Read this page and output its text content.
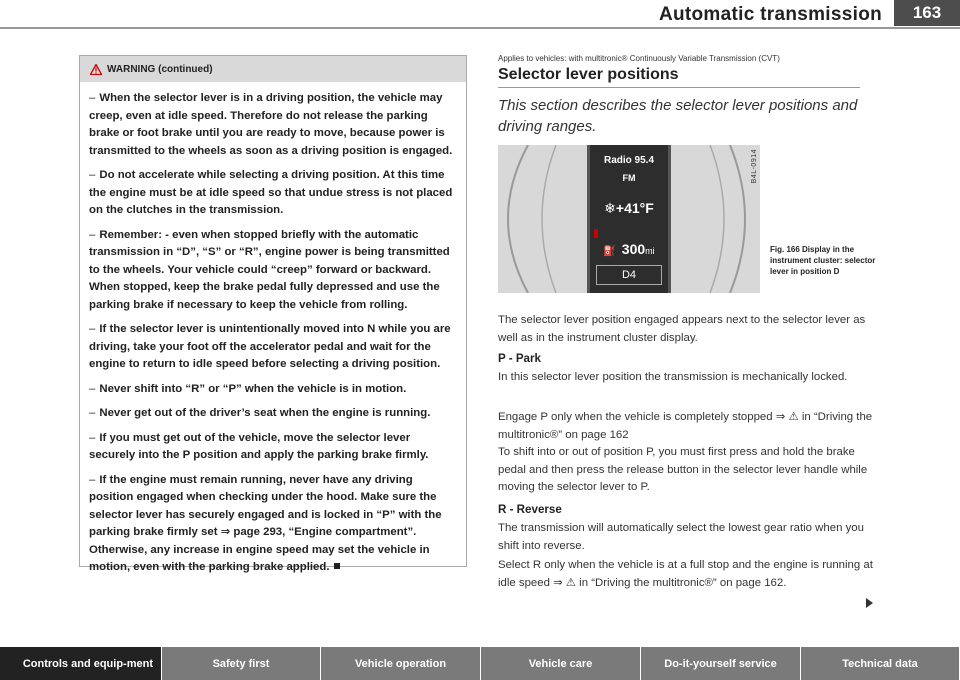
Automatic transmission	163
WARNING (continued)

– When the selector lever is in a driving position, the vehicle may creep, even at idle speed. Therefore do not release the parking brake or foot brake until you are ready to move, because power is transmitted to the wheels as soon as a driving position is engaged.

– Do not accelerate while selecting a driving position. At this time the engine must be at idle speed so that undue stress is not placed on the clutches in the transmission.

– Remember: - even when stopped briefly with the automatic transmission in “D”, “S” or “R”, engine power is being transmitted to the wheels. Your vehicle could “creep” forward or backward. When stopped, keep the brake pedal fully depressed and use the parking brake if necessary to keep the vehicle from rolling.

– If the selector lever is unintentionally moved into N while you are driving, take your foot off the accelerator pedal and wait for the engine to return to idle speed before selecting a driving position.

– Never shift into “R” or “P” when the vehicle is in motion.

– Never get out of the driver’s seat when the engine is running.

– If you must get out of the vehicle, move the selector lever securely into the P position and apply the parking brake firmly.

– If the engine must remain running, never have any driving position engaged when checking under the hood. Make sure the selector lever has securely engaged and is locked in “P” with the parking brake firmly set ⇒ page 293, “Engine compartment”. Otherwise, any increase in engine speed may set the vehicle in motion, even with the parking brake applied.

Applies to vehicles: with multitronic® Continuously Variable Transmission (CVT)
Selector lever positions
This section describes the selector lever positions and driving ranges.
B4L-0914
Radio 95.4
FM
❄+41°F
⛽ 300mi
D4
Fig. 166 Display in the instrument cluster: selector lever in position D
The selector lever position engaged appears next to the selector lever as well as in the instrument cluster display.
P - Park
In this selector lever position the transmission is mechanically locked.
Engage P only when the vehicle is completely stopped ⇒ ⚠ in “Driving the multitronic®” on page 162
To shift into or out of position P, you must first press and hold the brake pedal and then press the release button in the selector lever handle while moving the selector lever to P.
R - Reverse
The transmission will automatically select the lowest gear ratio when you shift into reverse.
Select R only when the vehicle is at a full stop and the engine is running at idle speed ⇒ ⚠ in “Driving the multitronic®” on page 162.
Controls and equip-ment	Safety first	Vehicle operation	Vehicle care	Do-it-yourself service	Technical data
